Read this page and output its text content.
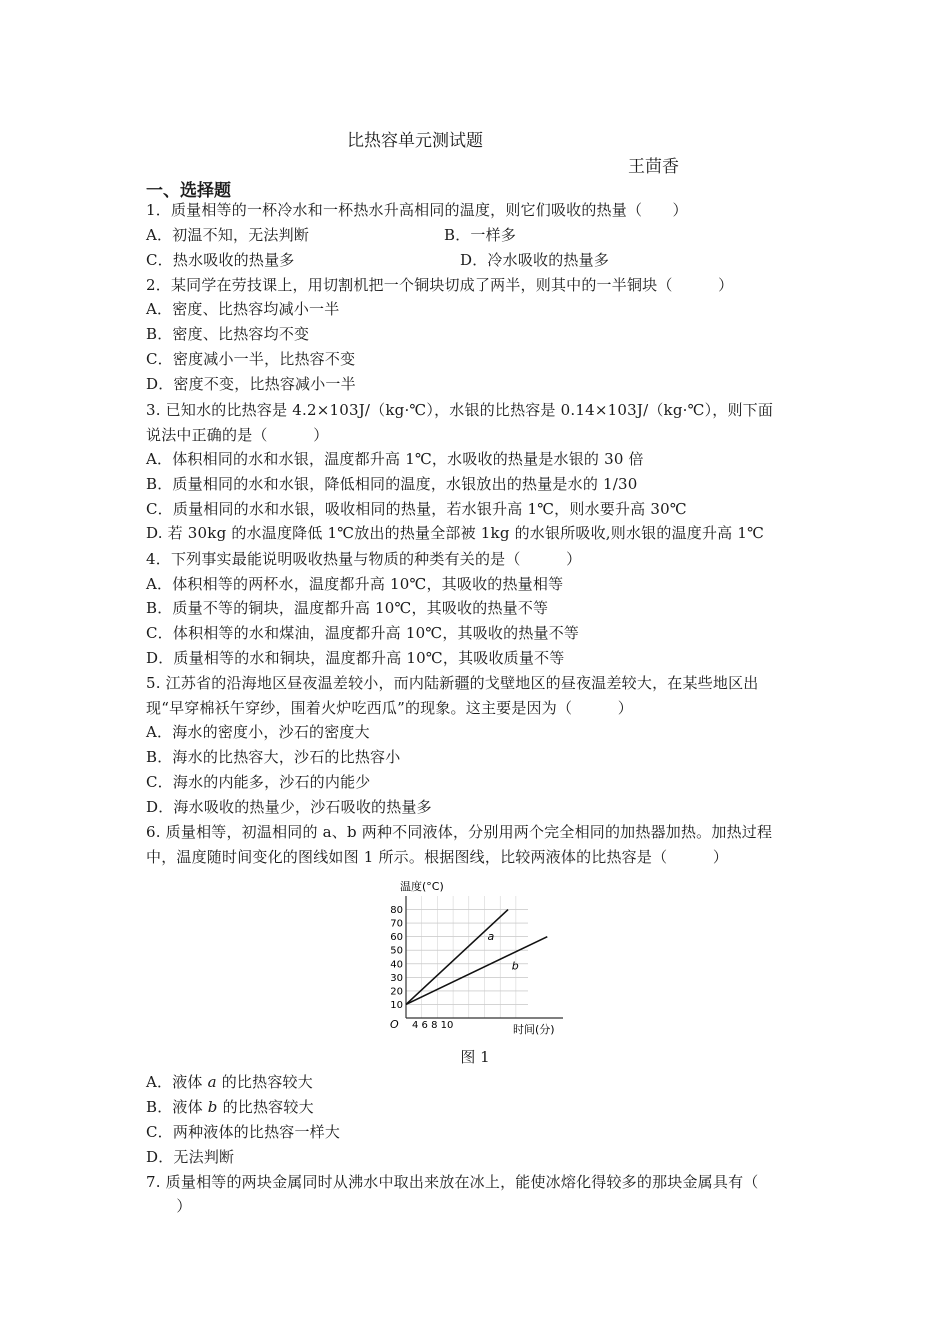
比热容单元测试题
王茴香
一、选择题
1．质量相等的一杯冷水和一杯热水升高相同的温度，则它们吸收的热量（　　）
A．初温不知，无法判断	B．一样多
C．热水吸收的热量多	D．冷水吸收的热量多
2．某同学在劳技课上，用切割机把一个铜块切成了两半，则其中的一半铜块（　　　）
A．密度、比热容均减小一半
B．密度、比热容均不变
C．密度减小一半，比热容不变
D．密度不变，比热容减小一半
3. 已知水的比热容是 4.2×103J/（kg·℃），水银的比热容是 0.14×103J/（kg·℃），则下面
说法中正确的是（　　　）
A．体积相同的水和水银，温度都升高 1℃，水吸收的热量是水银的 30 倍
B．质量相同的水和水银，降低相同的温度，水银放出的热量是水的 1/30
C．质量相同的水和水银，吸收相同的热量，若水银升高 1℃，则水要升高 30℃
D. 若 30kg 的水温度降低 1℃放出的热量全部被 1kg 的水银所吸收,则水银的温度升高 1℃
4．下列事实最能说明吸收热量与物质的种类有关的是（　　　）
A．体积相等的两杯水，温度都升高 10℃，其吸收的热量相等
B．质量不等的铜块，温度都升高 10℃，其吸收的热量不等
C．体积相等的水和煤油，温度都升高 10℃，其吸收的热量不等
D．质量相等的水和铜块，温度都升高 10℃，其吸收质量不等
5. 江苏省的沿海地区昼夜温差较小，而内陆新疆的戈壁地区的昼夜温差较大，在某些地区出
现“早穿棉袄午穿纱，围着火炉吃西瓜”的现象。这主要是因为（　　　）
A．海水的密度小，沙石的密度大
B．海水的比热容大，沙石的比热容小
C．海水的内能多，沙石的内能少
D．海水吸收的热量少，沙石吸收的热量多
6. 质量相等，初温相同的 a、b 两种不同液体，分别用两个完全相同的加热器加热。加热过程
中，温度随时间变化的图线如图 1 所示。根据图线，比较两液体的比热容是（　　　）
温度(°C)
时间(分)
O 4 6 8 10
10
20
30
40
50
60
70
80
a
b
图 1
A．液体 a 的比热容较大
B．液体 b 的比热容较大
C．两种液体的比热容一样大
D．无法判断
7. 质量相等的两块金属同时从沸水中取出来放在冰上，能使冰熔化得较多的那块金属具有（
　　）
